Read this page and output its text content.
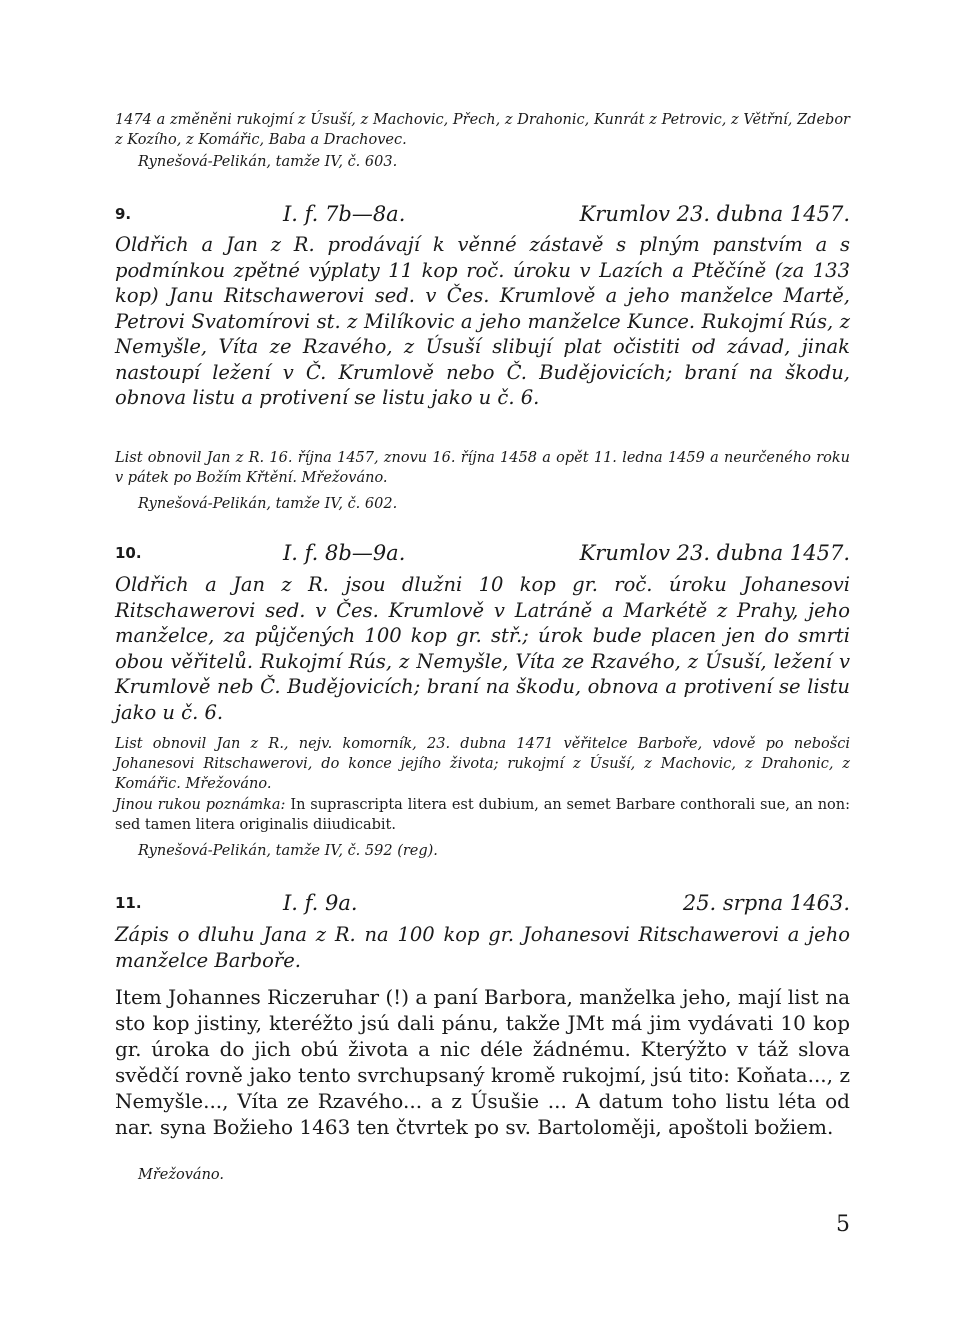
1474 a změněni rukojmí z Úsuší, z Machovic, Přech, z Drahonic, Kunrát z Petrovic, z Větřní, Zdebor z Kozího, z Komářic, Baba a Drachovec.

Rynešová-Pelikán, tamže IV, č. 603.

9.	I. f. 7b—8a.	Krumlov 23. dubna 1457.

Oldřich a Jan z R. prodávají k věnné zástavě s plným panstvím a s podmínkou zpětné výplaty 11 kop roč. úroku v Lazích a Ptěčíně (za 133 kop) Janu Ritschawerovi sed. v Čes. Krumlově a jeho manželce Martě, Petrovi Svatomírovi st. z Milíkovic a jeho manželce Kunce. Rukojmí Rús, z Nemyšle, Víta ze Rzavého, z Úsuší slibují plat očistiti od závad, jinak nastoupí ležení v Č. Krumlově nebo Č. Budějovicích; braní na škodu, obnova listu a protivení se listu jako u č. 6.

List obnovil Jan z R. 16. října 1457, znovu 16. října 1458 a opět 11. ledna 1459 a neurčeného roku v pátek po Božím Křtění. Mřežováno.

Rynešová-Pelikán, tamže IV, č. 602.

10.	I. f. 8b—9a.	Krumlov 23. dubna 1457.

Oldřich a Jan z R. jsou dlužni 10 kop gr. roč. úroku Johanesovi Ritschawerovi sed. v Čes. Krumlově v Latráně a Markétě z Prahy, jeho manželce, za půjčených 100 kop gr. stř.; úrok bude placen jen do smrti obou věřitelů. Rukojmí Rús, z Nemyšle, Víta ze Rzavého, z Úsuší, ležení v Krumlově neb Č. Budějovicích; braní na škodu, obnova a protivení se listu jako u č. 6.

List obnovil Jan z R., nejv. komorník, 23. dubna 1471 věřitelce Barboře, vdově po nebošci Johanesovi Ritschawerovi, do konce jejího života; rukojmí z Úsuší, z Machovic, z Drahonic, z Komářic. Mřežováno.

Jinou rukou poznámka: In suprascripta litera est dubium, an semet Barbare conthorali sue, an non: sed tamen litera originalis diiudicabit.

Rynešová-Pelikán, tamže IV, č. 592 (reg).

11.	I. f. 9a.	25. srpna 1463.

Zápis o dluhu Jana z R. na 100 kop gr. Johanesovi Ritschawerovi a jeho manželce Barboře.

Item Johannes Riczeruhar (!) a paní Barbora, manželka jeho, mají list na sto kop jistiny, kteréžto jsú dali pánu, takže JMt má jim vydávati 10 kop gr. úroka do jich obú života a nic déle žádnému. Kterýžto v táž slova svědčí rovně jako tento svrchupsaný kromě rukojmí, jsú tito: Koňata..., z Nemyšle..., Víta ze Rzavého... a z Úsušie ... A datum toho listu léta od nar. syna Božieho 1463 ten čtvrtek po sv. Bartoloměji, apoštoli božiem.

Mřežováno.

5
